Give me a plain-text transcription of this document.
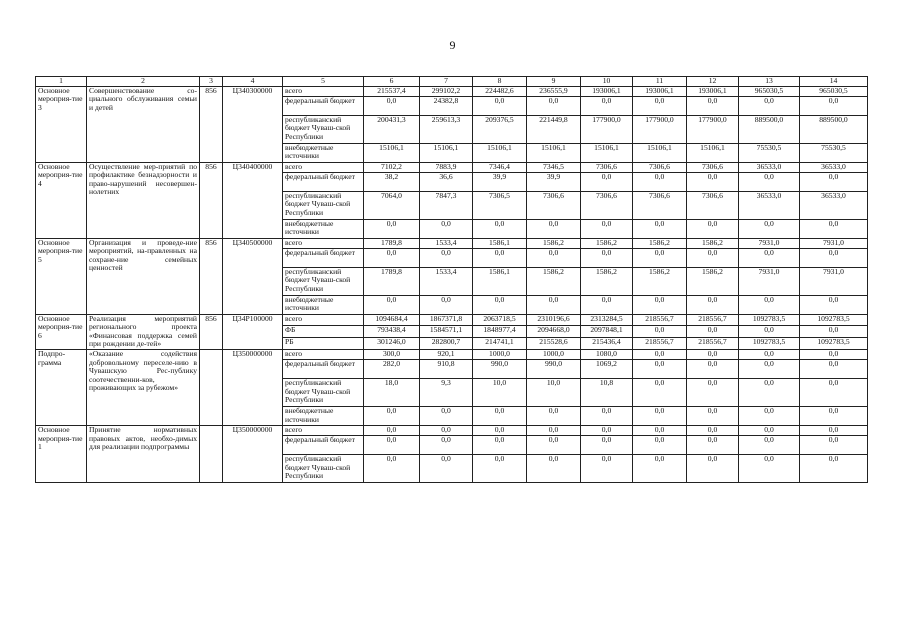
9
1	2	3	4	5	6	7	8	9	10	11	12	13	14
Основное мероприя-тие 3	Совершенствование со-циального обслуживания семьи и детей	856	Ц340300000	всего	215537,4	299102,2	224482,6	236555,9	193006,1	193006,1	193006,1	965030,5	965030,5
				федеральный бюджет	0,0	24382,8	0,0	0,0	0,0	0,0	0,0	0,0	0,0
				республиканский бюджет Чуваш-ской Республики	200431,3	259613,3	209376,5	221449,8	177900,0	177900,0	177900,0	889500,0	889500,0
				внебюджетные источники	15106,1	15106,1	15106,1	15106,1	15106,1	15106,1	15106,1	75530,5	75530,5
Основное мероприя-тие 4	Осуществление мер-приятий по профилактике безнадзорности и право-нарушений несовершен-нолетних	856	Ц340400000	всего	7102,2	7883,9	7346,4	7346,5	7306,6	7306,6	7306,6	36533,0	36533,0
				федеральный бюджет	38,2	36,6	39,9	39,9	0,0	0,0	0,0	0,0	0,0
				республиканский бюджет Чуваш-ской Республики	7064,0	7847,3	7306,5	7306,6	7306,6	7306,6	7306,6	36533,0	36533,0
				внебюджетные источники	0,0	0,0	0,0	0,0	0,0	0,0	0,0	0,0	0,0
Основное мероприя-тие 5	Организация и проведе-ние мероприятий, на-правленных на сохране-ние семейных ценностей	856	Ц340500000	всего	1789,8	1533,4	1586,1	1586,2	1586,2	1586,2	1586,2	7931,0	7931,0
				федеральный бюджет	0,0	0,0	0,0	0,0	0,0	0,0	0,0	0,0	0,0
				республиканский бюджет Чуваш-ской Республики	1789,8	1533,4	1586,1	1586,2	1586,2	1586,2	1586,2	7931,0	7931,0
				внебюджетные источники	0,0	0,0	0,0	0,0	0,0	0,0	0,0	0,0	0,0
Основное мероприя-тие 6	Реализация мероприятий регионального проекта «Финансовая поддержка семей при рождении де-тей»	856	Ц34Р100000	всего	1094684,4	1867371,8	2063718,5	2310196,6	2313284,5	218556,7	218556,7	1092783,5	1092783,5
				ФБ	793438,4	1584571,1	1848977,4	2094668,0	2097848,1	0,0	0,0	0,0	0,0
				РБ	301246,0	282800,7	214741,1	215528,6	215436,4	218556,7	218556,7	1092783,5	1092783,5
Подпро-грамма	«Оказание содействия добровольному переселе-нию в Чувашскую Рес-публику соотечественни-ков, проживающих за рубежом»		Ц350000000	всего	300,0	920,1	1000,0	1000,0	1080,0	0,0	0,0	0,0	0,0
				федеральный бюджет	282,0	910,8	990,0	990,0	1069,2	0,0	0,0	0,0	0,0
				республиканский бюджет Чуваш-ской Республики	18,0	9,3	10,0	10,0	10,8	0,0	0,0	0,0	0,0
				внебюджетные источники	0,0	0,0	0,0	0,0	0,0	0,0	0,0	0,0	0,0
Основное мероприя-тие 1	Принятие нормативных правовых актов, необхо-димых для реализации подпрограммы		Ц350000000	всего	0,0	0,0	0,0	0,0	0,0	0,0	0,0	0,0	0,0
				федеральный бюджет	0,0	0,0	0,0	0,0	0,0	0,0	0,0	0,0	0,0
				республиканский бюджет Чуваш-ской Республики	0,0	0,0	0,0	0,0	0,0	0,0	0,0	0,0	0,0
